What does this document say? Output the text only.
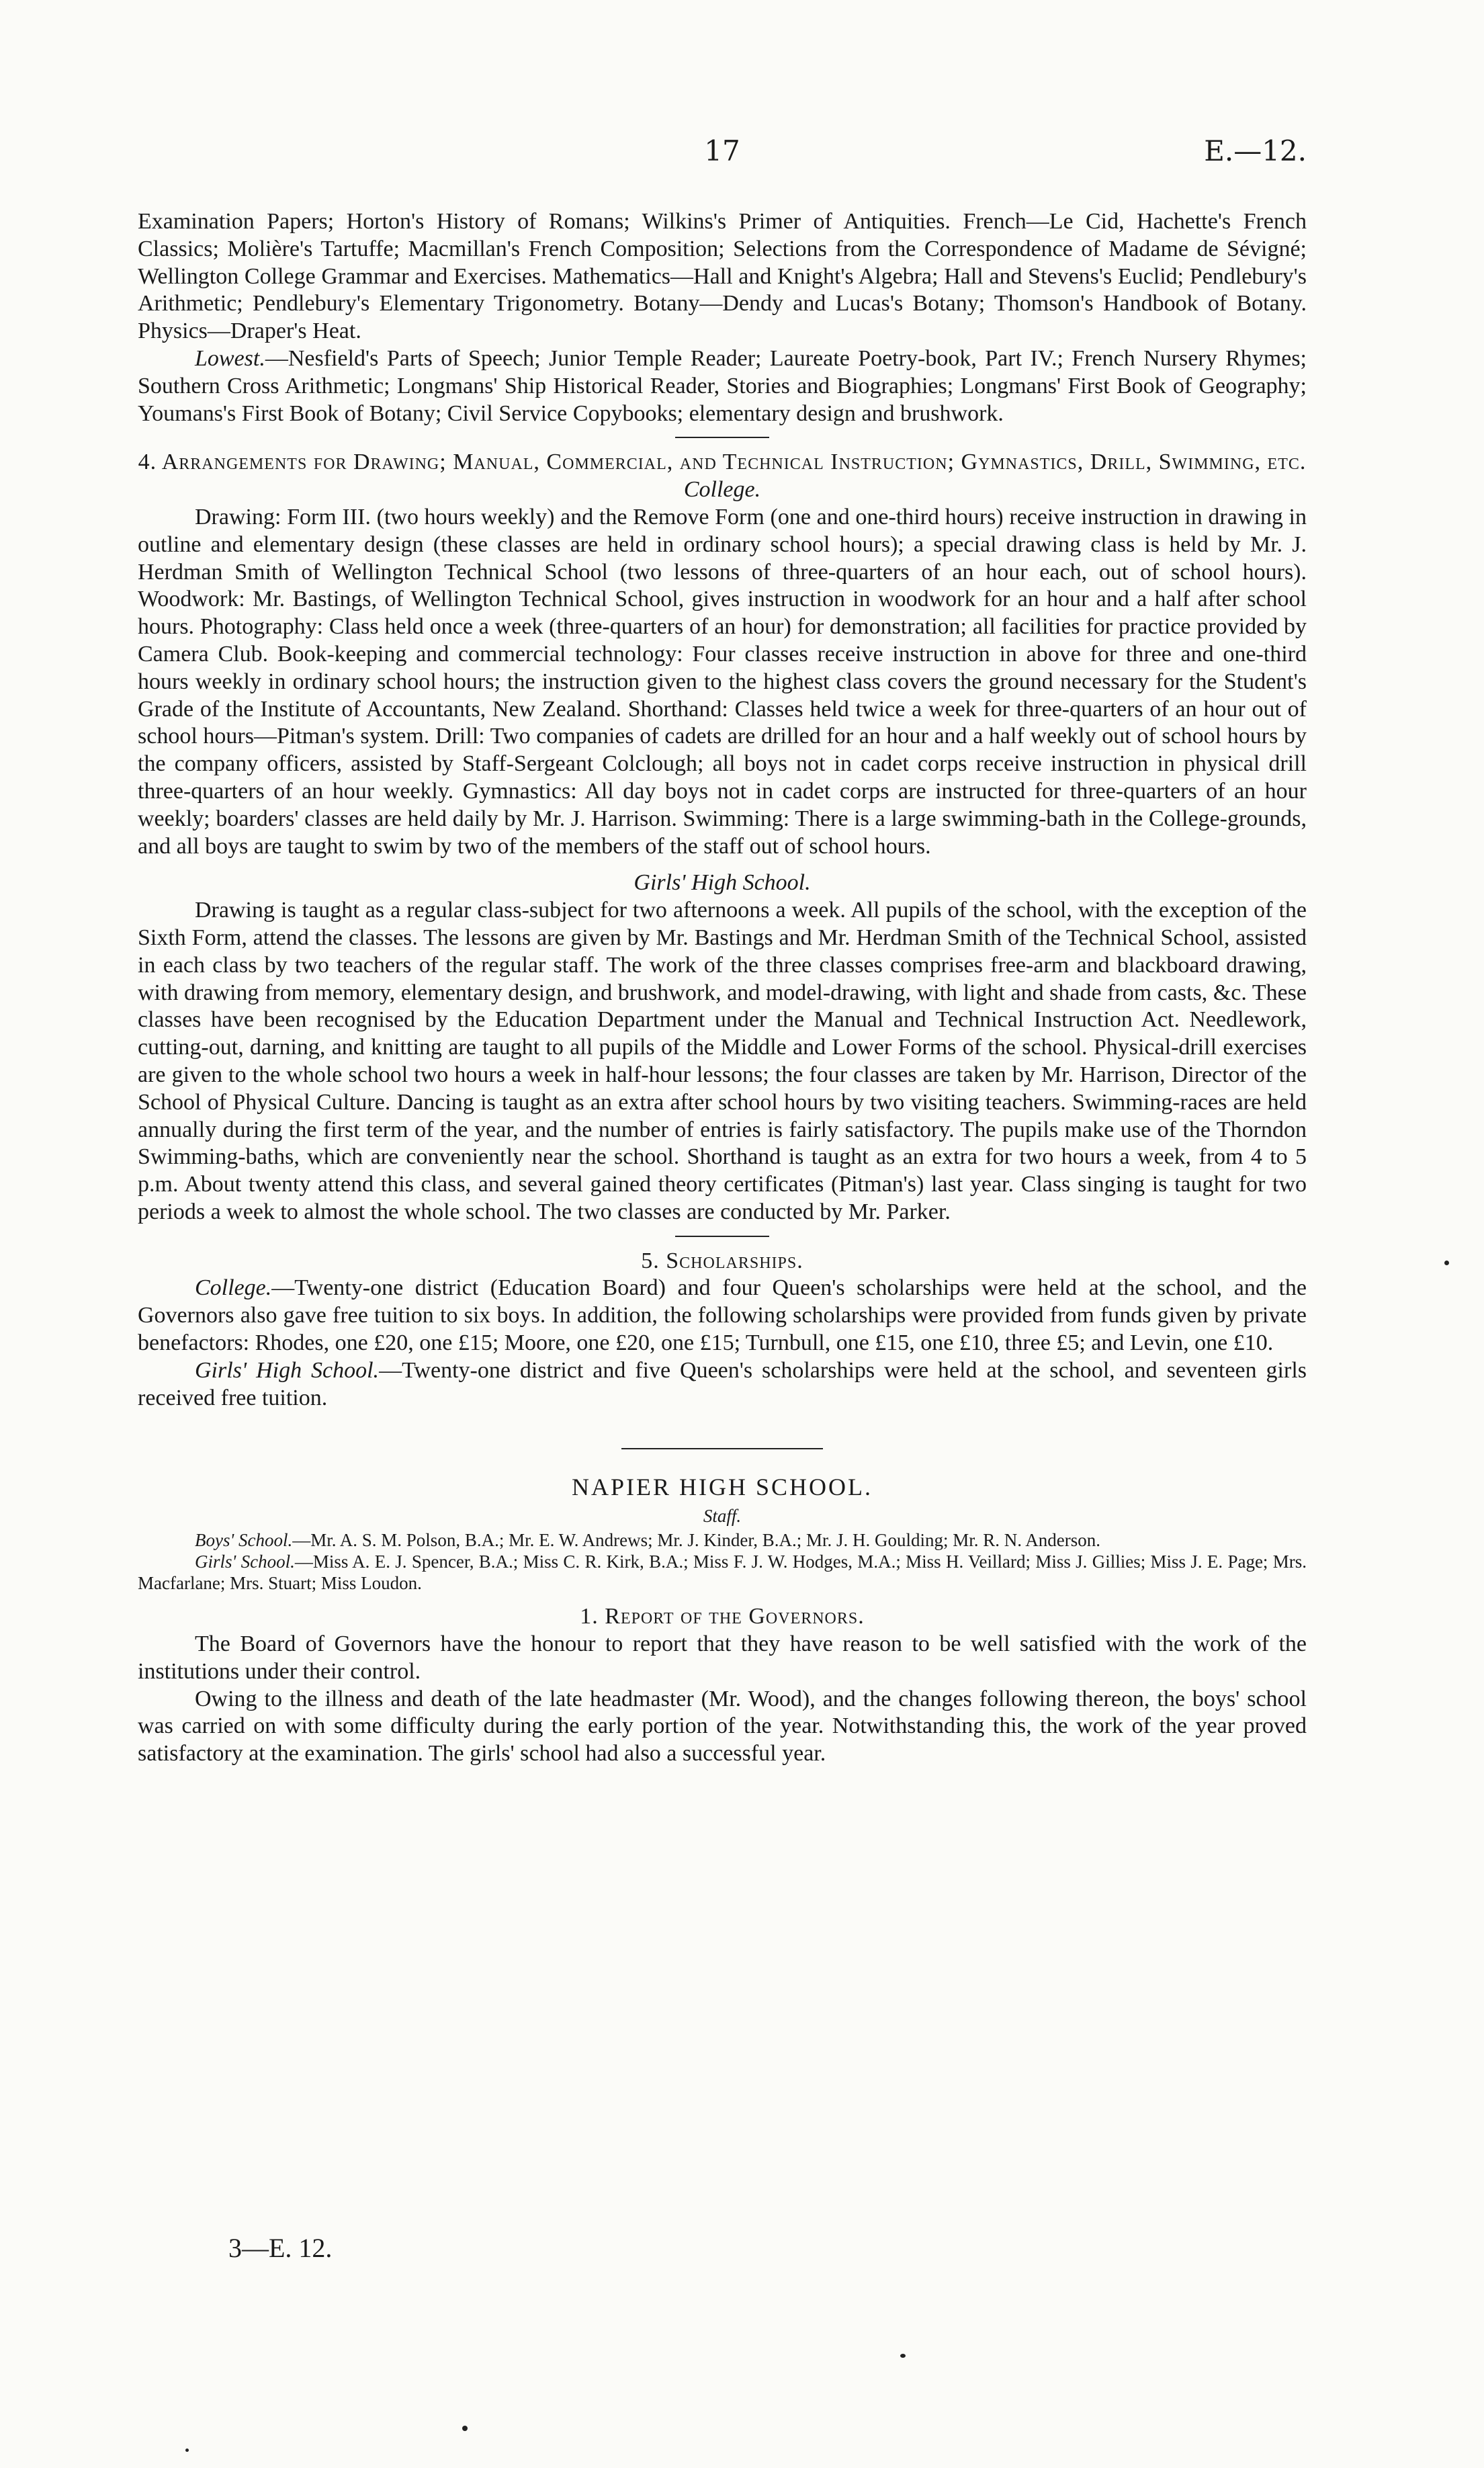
17	E.—12.

Examination Papers; Horton's History of Romans; Wilkins's Primer of Antiquities. French—Le Cid, Hachette's French Classics; Molière's Tartuffe; Macmillan's French Composition; Selections from the Correspondence of Madame de Sévigné; Wellington College Grammar and Exercises. Mathematics—Hall and Knight's Algebra; Hall and Stevens's Euclid; Pendlebury's Arithmetic; Pendlebury's Elementary Trigonometry. Botany—Dendy and Lucas's Botany; Thomson's Handbook of Botany. Physics—Draper's Heat.

Lowest.—Nesfield's Parts of Speech; Junior Temple Reader; Laureate Poetry-book, Part IV.; French Nursery Rhymes; Southern Cross Arithmetic; Longmans' Ship Historical Reader, Stories and Biographies; Longmans' First Book of Geography; Youmans's First Book of Botany; Civil Service Copybooks; elementary design and brushwork.

4. Arrangements for Drawing; Manual, Commercial, and Technical Instruction; Gymnastics, Drill, Swimming, etc.

College.

Drawing: Form III. (two hours weekly) and the Remove Form (one and one-third hours) receive instruction in drawing in outline and elementary design (these classes are held in ordinary school hours); a special drawing class is held by Mr. J. Herdman Smith of Wellington Technical School (two lessons of three-quarters of an hour each, out of school hours). Woodwork: Mr. Bastings, of Wellington Technical School, gives instruction in woodwork for an hour and a half after school hours. Photography: Class held once a week (three-quarters of an hour) for demonstration; all facilities for practice provided by Camera Club. Book-keeping and commercial technology: Four classes receive instruction in above for three and one-third hours weekly in ordinary school hours; the instruction given to the highest class covers the ground necessary for the Student's Grade of the Institute of Accountants, New Zealand. Shorthand: Classes held twice a week for three-quarters of an hour out of school hours—Pitman's system. Drill: Two companies of cadets are drilled for an hour and a half weekly out of school hours by the company officers, assisted by Staff-Sergeant Colclough; all boys not in cadet corps receive instruction in physical drill three-quarters of an hour weekly. Gymnastics: All day boys not in cadet corps are instructed for three-quarters of an hour weekly; boarders' classes are held daily by Mr. J. Harrison. Swimming: There is a large swimming-bath in the College-grounds, and all boys are taught to swim by two of the members of the staff out of school hours.

Girls' High School.

Drawing is taught as a regular class-subject for two afternoons a week. All pupils of the school, with the exception of the Sixth Form, attend the classes. The lessons are given by Mr. Bastings and Mr. Herdman Smith of the Technical School, assisted in each class by two teachers of the regular staff. The work of the three classes comprises free-arm and blackboard drawing, with drawing from memory, elementary design, and brushwork, and model-drawing, with light and shade from casts, &c. These classes have been recognised by the Education Department under the Manual and Technical Instruction Act. Needlework, cutting-out, darning, and knitting are taught to all pupils of the Middle and Lower Forms of the school. Physical-drill exercises are given to the whole school two hours a week in half-hour lessons; the four classes are taken by Mr. Harrison, Director of the School of Physical Culture. Dancing is taught as an extra after school hours by two visiting teachers. Swimming-races are held annually during the first term of the year, and the number of entries is fairly satisfactory. The pupils make use of the Thorndon Swimming-baths, which are conveniently near the school. Shorthand is taught as an extra for two hours a week, from 4 to 5 p.m. About twenty attend this class, and several gained theory certificates (Pitman's) last year. Class singing is taught for two periods a week to almost the whole school. The two classes are conducted by Mr. Parker.

5. Scholarships.

College.—Twenty-one district (Education Board) and four Queen's scholarships were held at the school, and the Governors also gave free tuition to six boys. In addition, the following scholarships were provided from funds given by private benefactors: Rhodes, one £20, one £15; Moore, one £20, one £15; Turnbull, one £15, one £10, three £5; and Levin, one £10.

Girls' High School.—Twenty-one district and five Queen's scholarships were held at the school, and seventeen girls received free tuition.

NAPIER HIGH SCHOOL.

Staff.

Boys' School.—Mr. A. S. M. Polson, B.A.; Mr. E. W. Andrews; Mr. J. Kinder, B.A.; Mr. J. H. Goulding; Mr. R. N. Anderson.

Girls' School.—Miss A. E. J. Spencer, B.A.; Miss C. R. Kirk, B.A.; Miss F. J. W. Hodges, M.A.; Miss H. Veillard; Miss J. Gillies; Miss J. E. Page; Mrs. Macfarlane; Mrs. Stuart; Miss Loudon.

1. Report of the Governors.

The Board of Governors have the honour to report that they have reason to be well satisfied with the work of the institutions under their control.

Owing to the illness and death of the late headmaster (Mr. Wood), and the changes following thereon, the boys' school was carried on with some difficulty during the early portion of the year. Notwithstanding this, the work of the year proved satisfactory at the examination. The girls' school had also a successful year.

3—E. 12.
